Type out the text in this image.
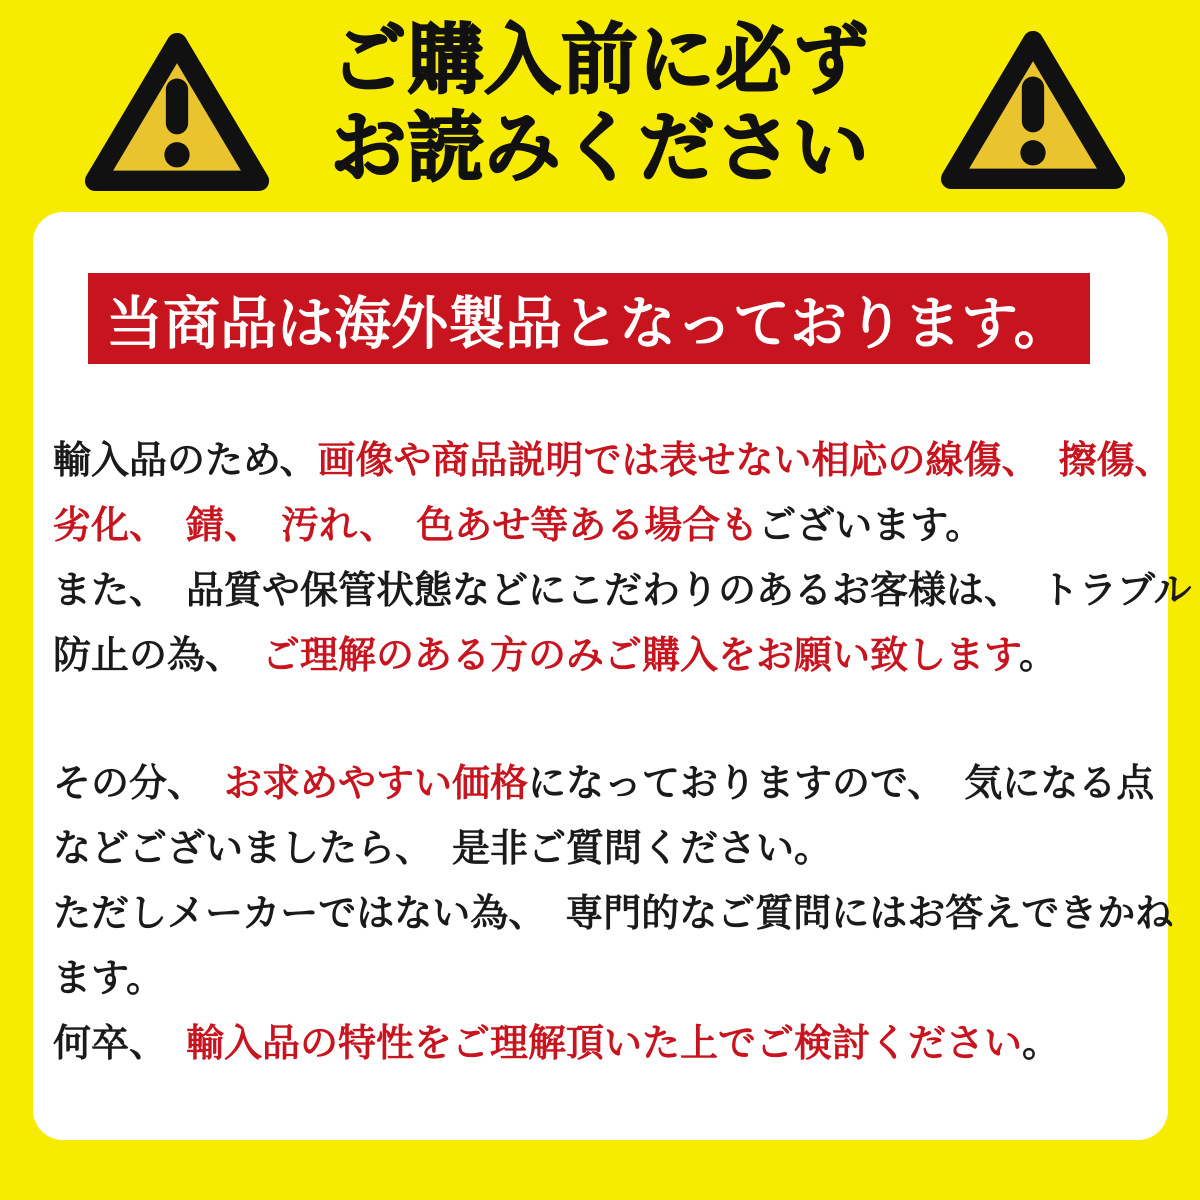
ご購入前に必ず
お読みください
当商品は海外製品となっております。
輸入品のため、画像や商品説明では表せない相応の線傷、　擦傷、
劣化、　錆、　汚れ、　色あせ等ある場合もございます。
また、　品質や保管状態などにこだわりのあるお客様は、　トラブル
防止の為、　ご理解のある方のみご購入をお願い致します。
その分、　お求めやすい価格になっておりますので、　気になる点
などございましたら、　是非ご質問ください。
ただしメーカーではない為、　専門的なご質問にはお答えできかね
ます。
何卒、　輸入品の特性をご理解頂いた上でご検討ください。
